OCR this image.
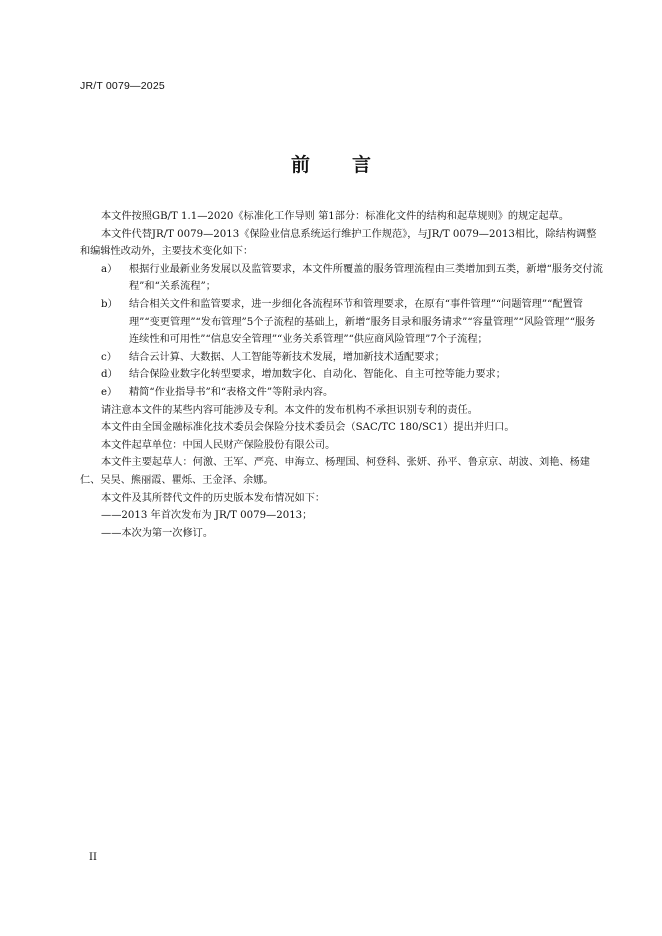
JR/T 0079—2025
前 言

本文件按照GB/T 1.1—2020《标准化工作导则 第1部分：标准化文件的结构和起草规则》的规定起草。

本文件代替JR/T 0079—2013《保险业信息系统运行维护工作规范》，与JR/T 0079—2013相比，除结构调整和编辑性改动外，主要技术变化如下：

a） 根据行业最新业务发展以及监管要求，本文件所覆盖的服务管理流程由三类增加到五类，新增“服务交付流程”和“关系流程”；
b） 结合相关文件和监管要求，进一步细化各流程环节和管理要求，在原有“事件管理”“问题管理”“配置管理”“变更管理”“发布管理”5个子流程的基础上，新增“服务目录和服务请求”“容量管理”“风险管理”“服务连续性和可用性”“信息安全管理”“业务关系管理”“供应商风险管理”7个子流程；
c） 结合云计算、大数据、人工智能等新技术发展，增加新技术适配要求；
d） 结合保险业数字化转型要求，增加数字化、自动化、智能化、自主可控等能力要求；
e） 精简“作业指导书”和“表格文件”等附录内容。

请注意本文件的某些内容可能涉及专利。本文件的发布机构不承担识别专利的责任。

本文件由全国金融标准化技术委员会保险分技术委员会（SAC/TC 180/SC1）提出并归口。

本文件起草单位：中国人民财产保险股份有限公司。

本文件主要起草人：何激、王军、严亮、申海立、杨理国、柯登科、张妍、孙平、鲁京京、胡波、刘艳、杨建仁、吴昊、熊丽霞、瞿烁、王金泽、余娜。

本文件及其所替代文件的历史版本发布情况如下：

——2013 年首次发布为 JR/T 0079—2013；

——本次为第一次修订。

II
